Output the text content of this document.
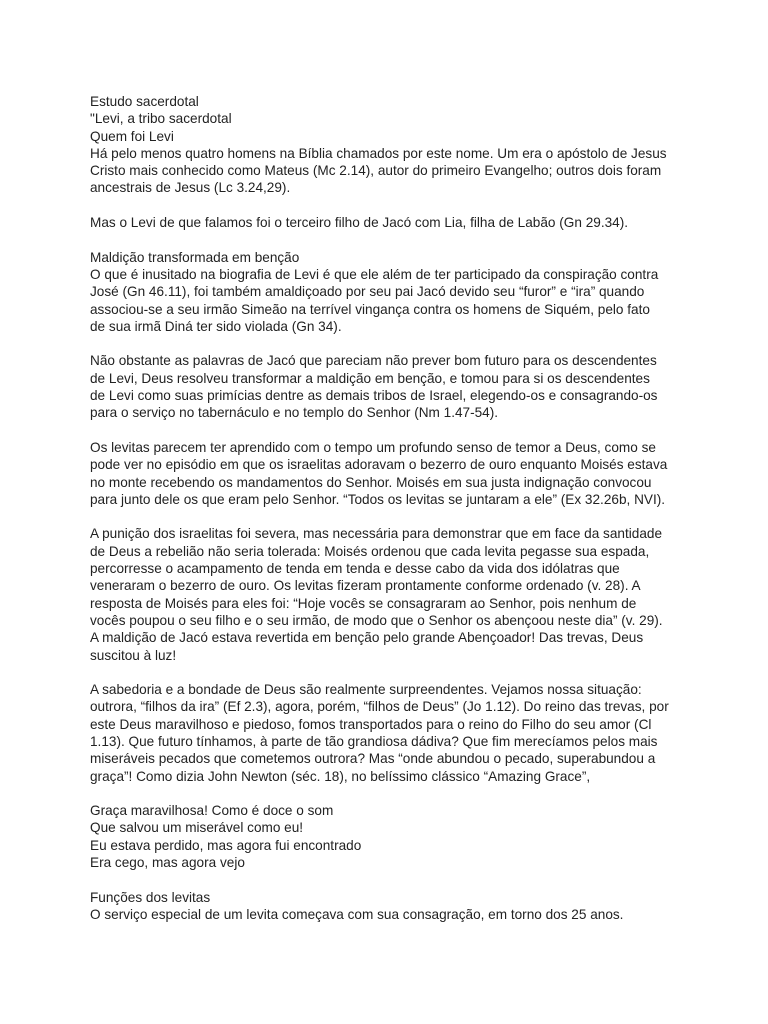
Estudo sacerdotal
"Levi, a tribo sacerdotal
Quem foi Levi
Há pelo menos quatro homens na Bíblia chamados por este nome. Um era o apóstolo de Jesus
Cristo mais conhecido como Mateus (Mc 2.14), autor do primeiro Evangelho; outros dois foram
ancestrais de Jesus (Lc 3.24,29).
Mas o Levi de que falamos foi o terceiro filho de Jacó com Lia, filha de Labão (Gn 29.34).
Maldição transformada em benção
O que é inusitado na biografia de Levi é que ele além de ter participado da conspiração contra
José (Gn 46.11), foi também amaldiçoado por seu pai Jacó devido seu “furor” e “ira” quando
associou-se a seu irmão Simeão na terrível vingança contra os homens de Siquém, pelo fato
de sua irmã Diná ter sido violada (Gn 34).
Não obstante as palavras de Jacó que pareciam não prever bom futuro para os descendentes
de Levi, Deus resolveu transformar a maldição em benção, e tomou para si os descendentes
de Levi como suas primícias dentre as demais tribos de Israel, elegendo-os e consagrando-os
para o serviço no tabernáculo e no templo do Senhor (Nm 1.47-54).
Os levitas parecem ter aprendido com o tempo um profundo senso de temor a Deus, como se
pode ver no episódio em que os israelitas adoravam o bezerro de ouro enquanto Moisés estava
no monte recebendo os mandamentos do Senhor. Moisés em sua justa indignação convocou
para junto dele os que eram pelo Senhor. “Todos os levitas se juntaram a ele” (Ex 32.26b, NVI).
A punição dos israelitas foi severa, mas necessária para demonstrar que em face da santidade
de Deus a rebelião não seria tolerada: Moisés ordenou que cada levita pegasse sua espada,
percorresse o acampamento de tenda em tenda e desse cabo da vida dos idólatras que
veneraram o bezerro de ouro. Os levitas fizeram prontamente conforme ordenado (v. 28). A
resposta de Moisés para eles foi: “Hoje vocês se consagraram ao Senhor, pois nenhum de
vocês poupou o seu filho e o seu irmão, de modo que o Senhor os abençoou neste dia” (v. 29).
A maldição de Jacó estava revertida em benção pelo grande Abençoador! Das trevas, Deus
suscitou à luz!
A sabedoria e a bondade de Deus são realmente surpreendentes. Vejamos nossa situação:
outrora, “filhos da ira” (Ef 2.3), agora, porém, “filhos de Deus” (Jo 1.12). Do reino das trevas, por
este Deus maravilhoso e piedoso, fomos transportados para o reino do Filho do seu amor (Cl
1.13). Que futuro tínhamos, à parte de tão grandiosa dádiva? Que fim merecíamos pelos mais
miseráveis pecados que cometemos outrora? Mas “onde abundou o pecado, superabundou a
graça”! Como dizia John Newton (séc. 18), no belíssimo clássico “Amazing Grace”,
Graça maravilhosa! Como é doce o som
Que salvou um miserável como eu!
Eu estava perdido, mas agora fui encontrado
Era cego, mas agora vejo
Funções dos levitas
O serviço especial de um levita começava com sua consagração, em torno dos 25 anos.
